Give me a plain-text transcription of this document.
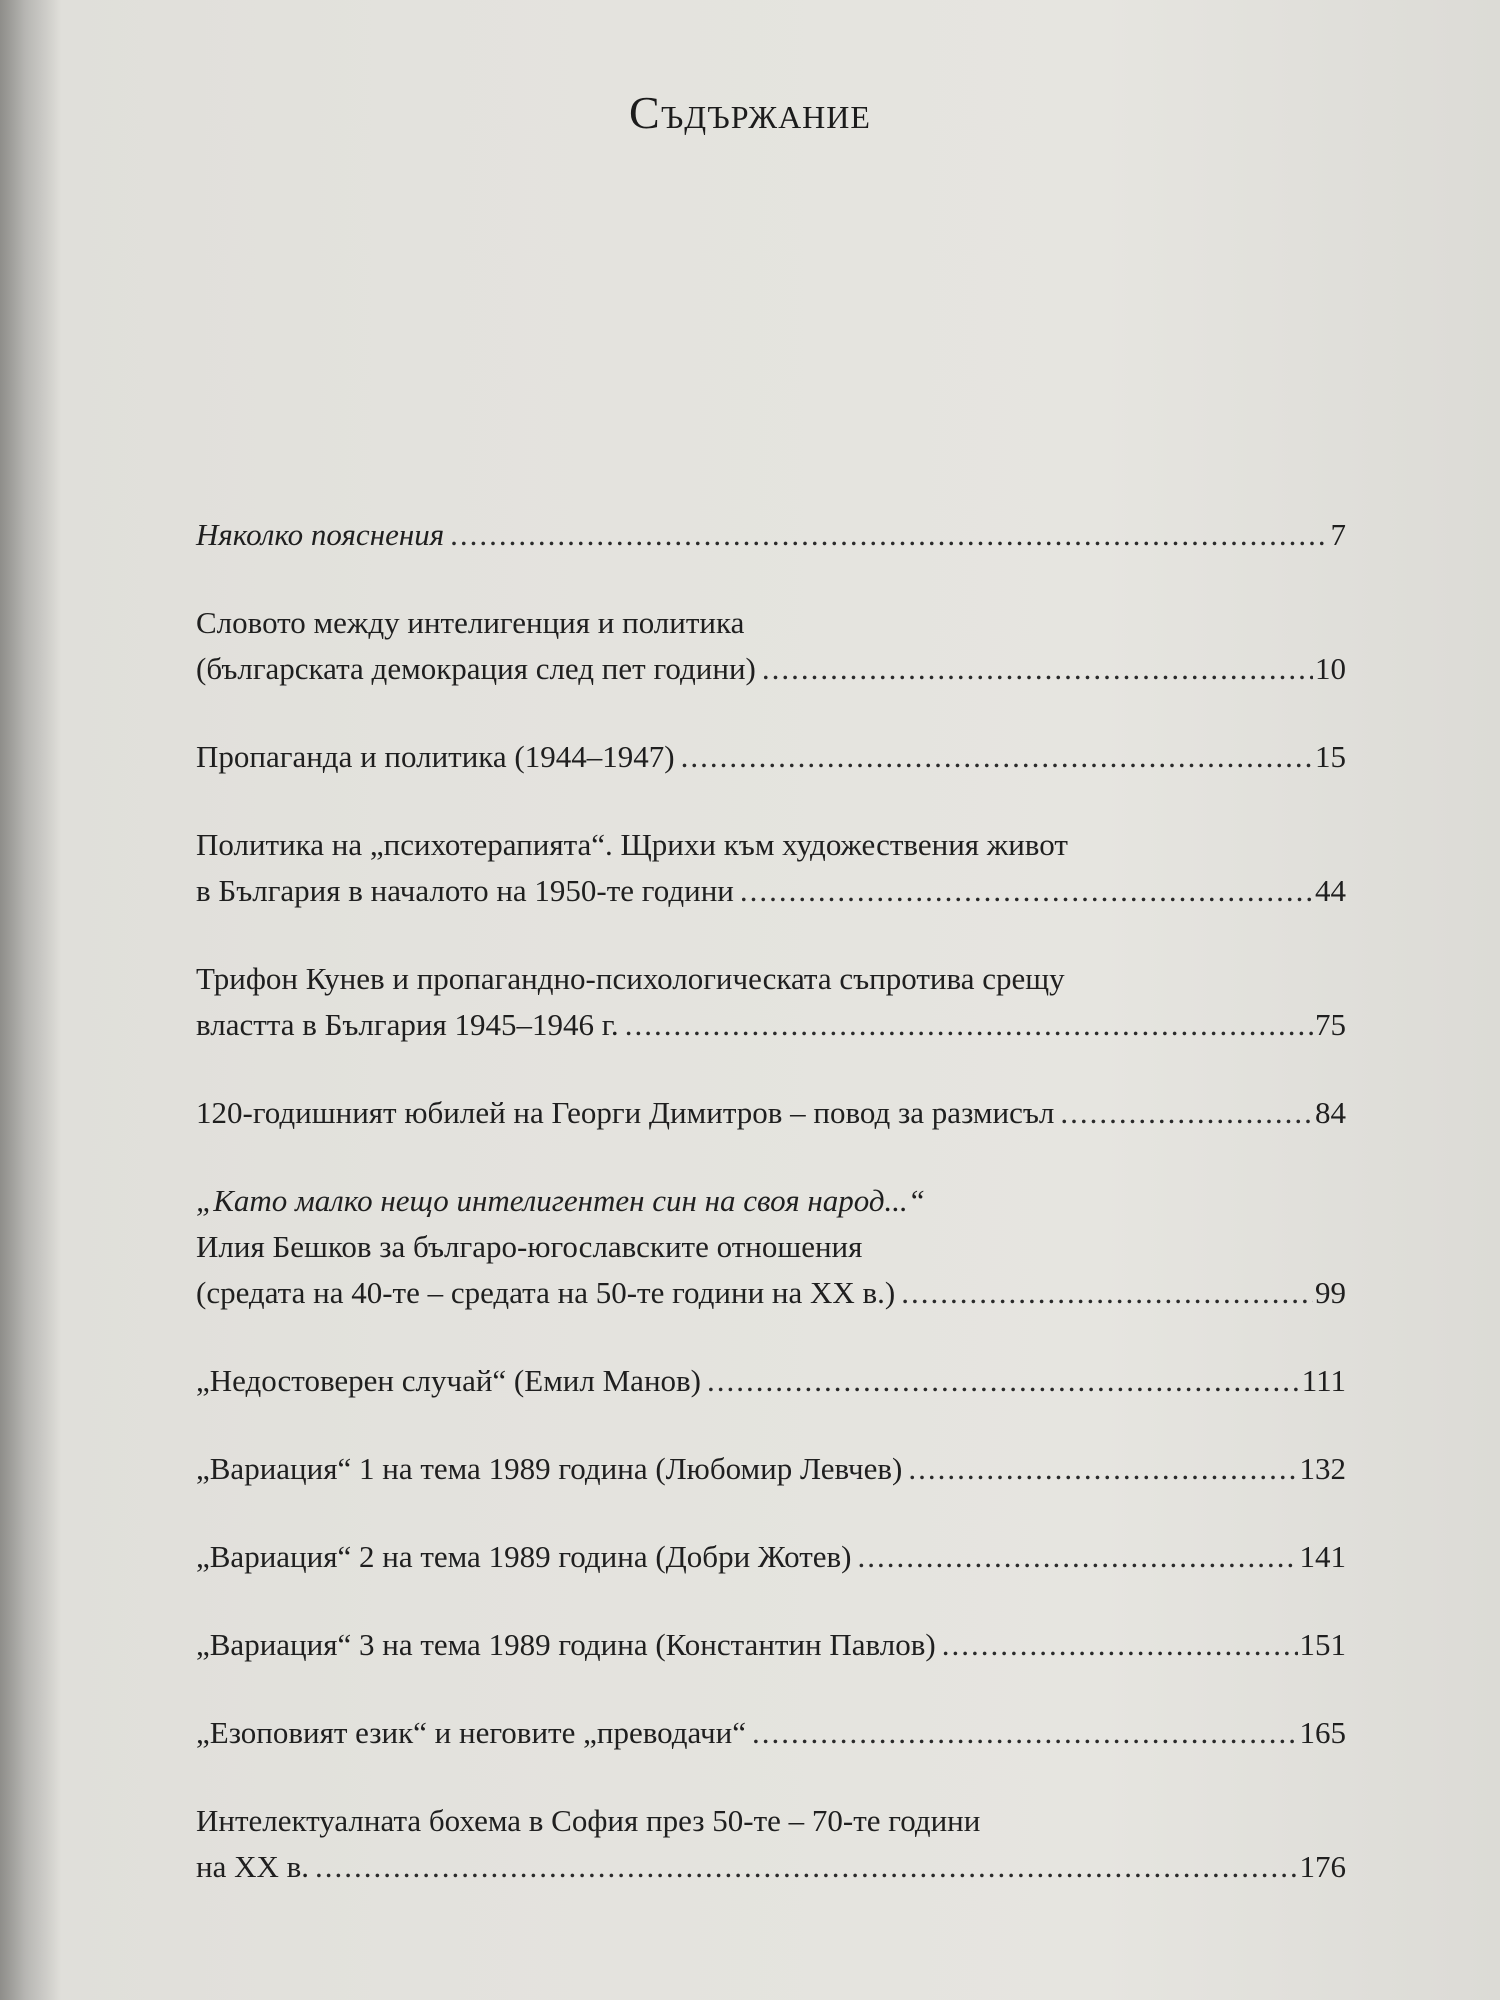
Съдържание
Няколко пояснения .....	7
Словото между интелигенция и политика
(българската демокрация след пет години) .....	10
Пропаганда и политика (1944–1947) .....	15
Политика на „психотерапията“. Щрихи към художествения живот
в България в началото на 1950-те години .....	44
Трифон Кунев и пропагандно-психологическата съпротива срещу
властта в България 1945–1946 г. .....	75
120-годишният юбилей на Георги Димитров – повод за размисъл .....	84
„Като малко нещо интелигентен син на своя народ...“
Илия Бешков за българо-югославските отношения
(средата на 40-те – средата на 50-те години на ХХ в.) .....	99
„Недостоверен случай“ (Емил Манов) .....	111
„Вариация“ 1 на тема 1989 година (Любомир Левчев) .....	132
„Вариация“ 2 на тема 1989 година (Добри Жотев) .....	141
„Вариация“ 3 на тема 1989 година (Константин Павлов) .....	151
„Езоповият език“ и неговите „преводачи“ .....	165
Интелектуалната бохема в София през 50-те – 70-те години
на ХХ в. .....	176
